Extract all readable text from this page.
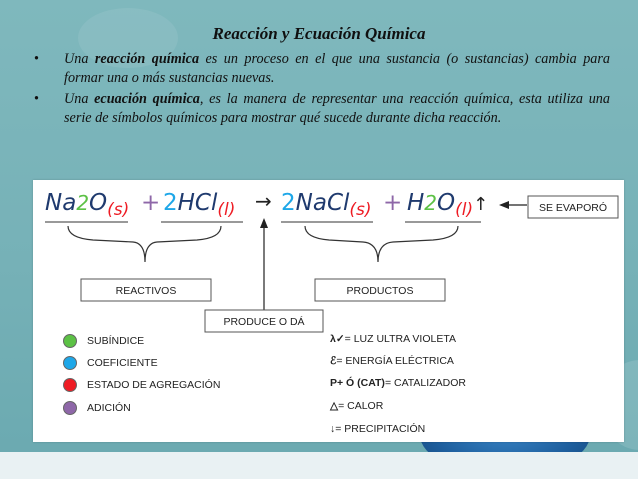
Reacción y Ecuación Química
• Una reacción química es un proceso en el que una sustancia (o sustancias) cambia para formar una o más sustancias nuevas.
• Una ecuación química, es la manera de representar una reacción química, esta utiliza una serie de símbolos químicos para mostrar qué sucede durante dicha reacción.
$Na2O_{(s)} + 2HCl_{(l)}$ → 2NaCl$_{(s)}$ + $H2O_{(l)}^↑$	SE EVAPORÓ
REACTIVOS	PRODUCTOS
PRODUCE O DÁ
SUBÍNDICE
COEFICIENTE
ESTADO DE AGREGACIÓN
ADICIÓN
λ✓= LUZ ULTRA VIOLETA
ℰ= ENERGÍA ELÉCTRICA
P+ Ó (CAT)= CATALIZADOR
△= CALOR
↓= PRECIPITACIÓN
